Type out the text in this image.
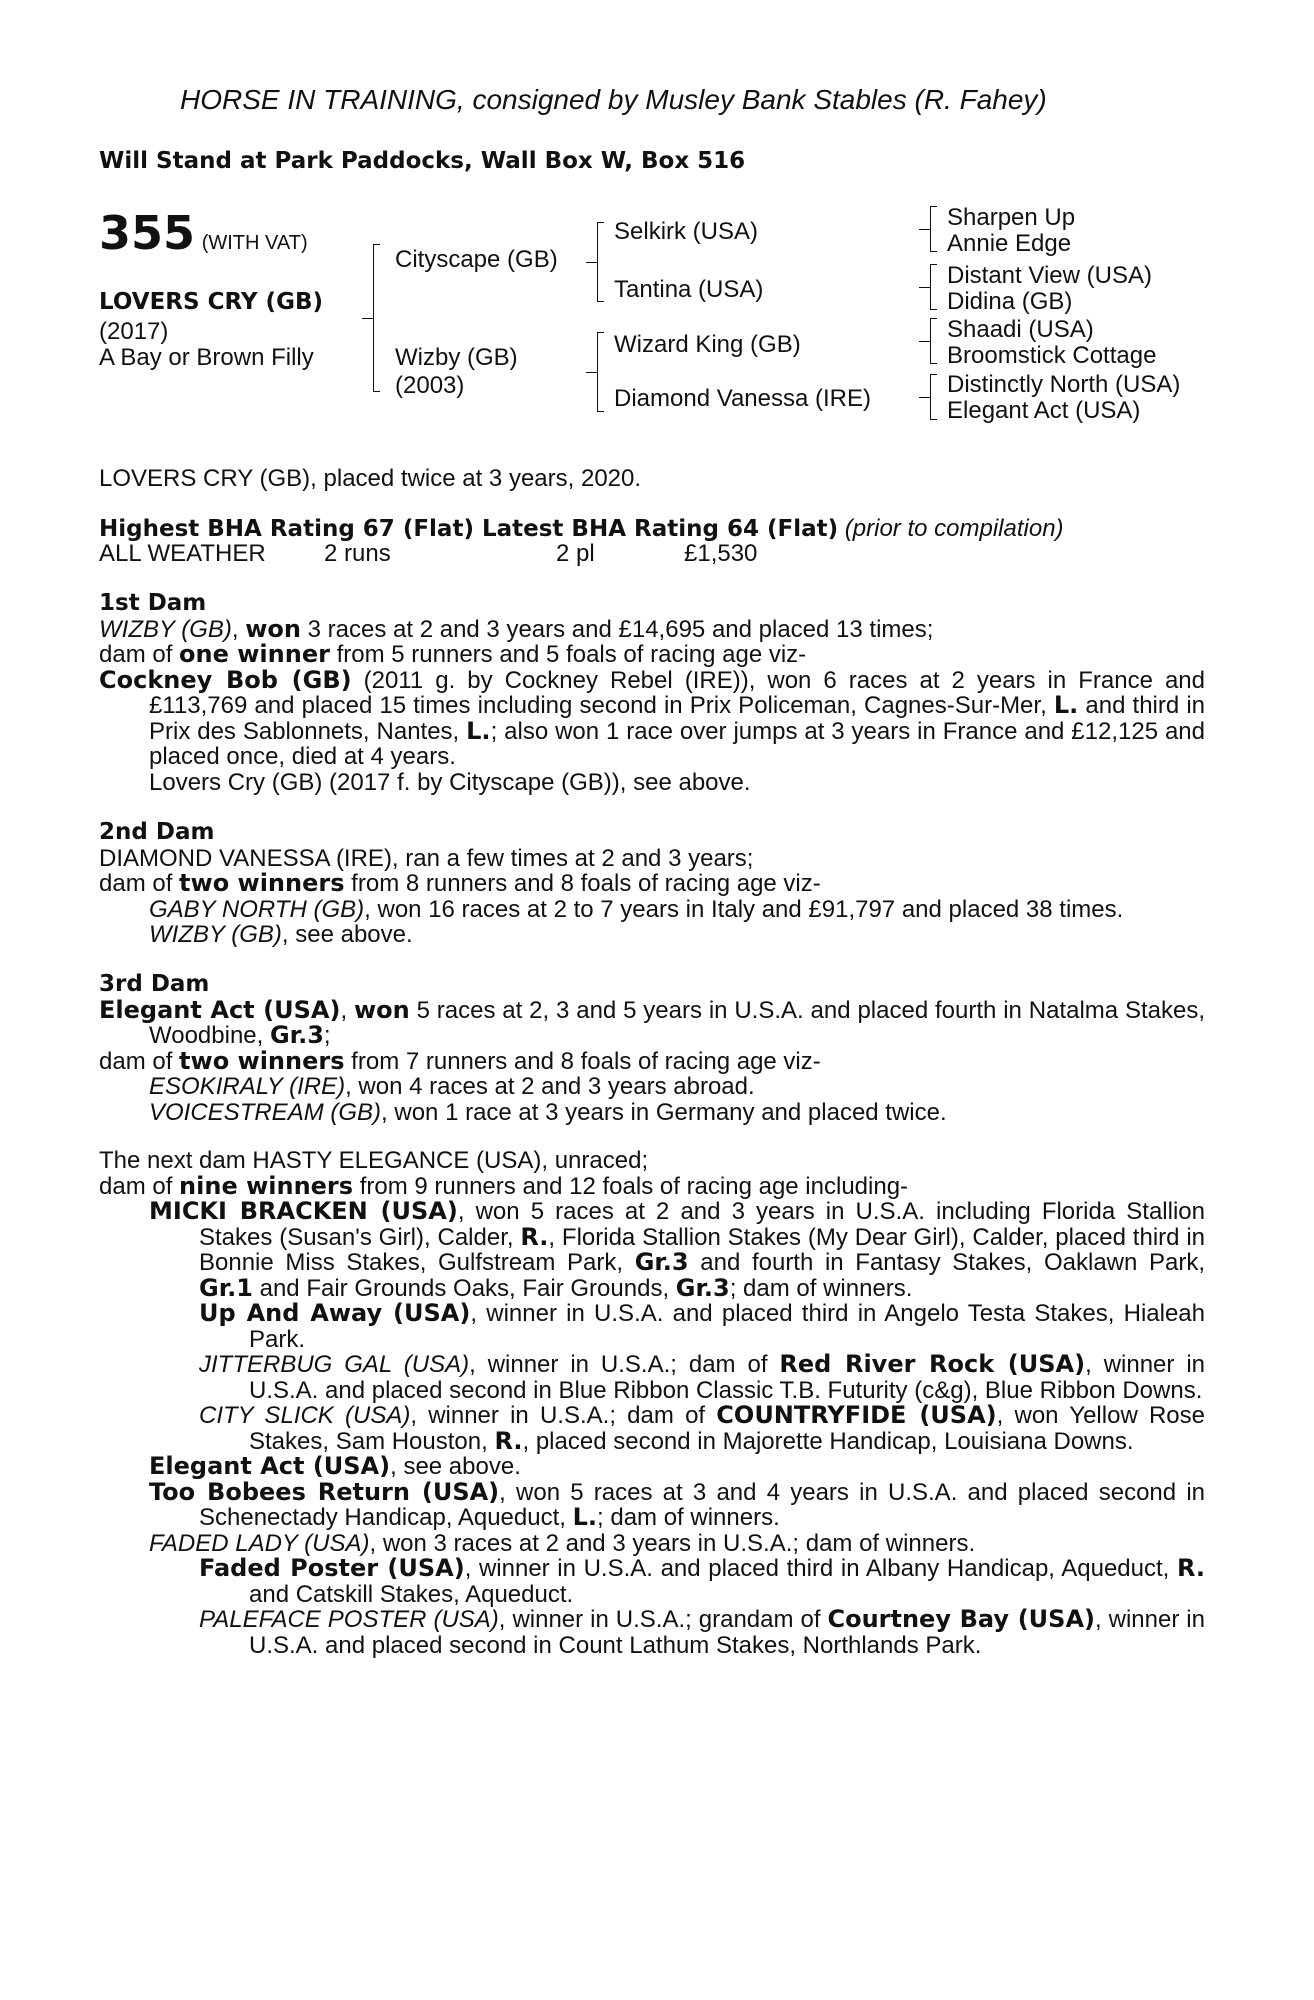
HORSE IN TRAINING, consigned by Musley Bank Stables (R. Fahey)
Will Stand at Park Paddocks, Wall Box W, Box 516
355 (WITH VAT)
LOVERS CRY (GB)
(2017)
A Bay or Brown Filly
Cityscape (GB)
Wizby (GB)
(2003)
Selkirk (USA)
Tantina (USA)
Wizard King (GB)
Diamond Vanessa (IRE)
Sharpen Up
Annie Edge
Distant View (USA)
Didina (GB)
Shaadi (USA)
Broomstick Cottage
Distinctly North (USA)
Elegant Act (USA)
LOVERS CRY (GB), placed twice at 3 years, 2020.
Highest BHA Rating 67 (Flat) Latest BHA Rating 64 (Flat) (prior to compilation)
ALL WEATHER 2 runs	2 pl	£1,530
1st Dam
WIZBY (GB), won 3 races at 2 and 3 years and £14,695 and placed 13 times;
dam of one winner from 5 runners and 5 foals of racing age viz-
Cockney Bob (GB) (2011 g. by Cockney Rebel (IRE)), won 6 races at 2 years in France and £113,769 and placed 15 times including second in Prix Policeman, Cagnes-Sur-Mer, L. and third in Prix des Sablonnets, Nantes, L.; also won 1 race over jumps at 3 years in France and £12,125 and placed once, died at 4 years.
Lovers Cry (GB) (2017 f. by Cityscape (GB)), see above.
2nd Dam
DIAMOND VANESSA (IRE), ran a few times at 2 and 3 years;
dam of two winners from 8 runners and 8 foals of racing age viz-
GABY NORTH (GB), won 16 races at 2 to 7 years in Italy and £91,797 and placed 38 times.
WIZBY (GB), see above.
3rd Dam
Elegant Act (USA), won 5 races at 2, 3 and 5 years in U.S.A. and placed fourth in Natalma Stakes, Woodbine, Gr.3;
dam of two winners from 7 runners and 8 foals of racing age viz-
ESOKIRALY (IRE), won 4 races at 2 and 3 years abroad.
VOICESTREAM (GB), won 1 race at 3 years in Germany and placed twice.
The next dam HASTY ELEGANCE (USA), unraced;
dam of nine winners from 9 runners and 12 foals of racing age including-
MICKI BRACKEN (USA), won 5 races at 2 and 3 years in U.S.A. including Florida Stallion Stakes (Susan's Girl), Calder, R., Florida Stallion Stakes (My Dear Girl), Calder, placed third in Bonnie Miss Stakes, Gulfstream Park, Gr.3 and fourth in Fantasy Stakes, Oaklawn Park, Gr.1 and Fair Grounds Oaks, Fair Grounds, Gr.3; dam of winners.
Up And Away (USA), winner in U.S.A. and placed third in Angelo Testa Stakes, Hialeah Park.
JITTERBUG GAL (USA), winner in U.S.A.; dam of Red River Rock (USA), winner in U.S.A. and placed second in Blue Ribbon Classic T.B. Futurity (c&g), Blue Ribbon Downs.
CITY SLICK (USA), winner in U.S.A.; dam of COUNTRYFIDE (USA), won Yellow Rose Stakes, Sam Houston, R., placed second in Majorette Handicap, Louisiana Downs.
Elegant Act (USA), see above.
Too Bobees Return (USA), won 5 races at 3 and 4 years in U.S.A. and placed second in Schenectady Handicap, Aqueduct, L.; dam of winners.
FADED LADY (USA), won 3 races at 2 and 3 years in U.S.A.; dam of winners.
Faded Poster (USA), winner in U.S.A. and placed third in Albany Handicap, Aqueduct, R. and Catskill Stakes, Aqueduct.
PALEFACE POSTER (USA), winner in U.S.A.; grandam of Courtney Bay (USA), winner in U.S.A. and placed second in Count Lathum Stakes, Northlands Park.
